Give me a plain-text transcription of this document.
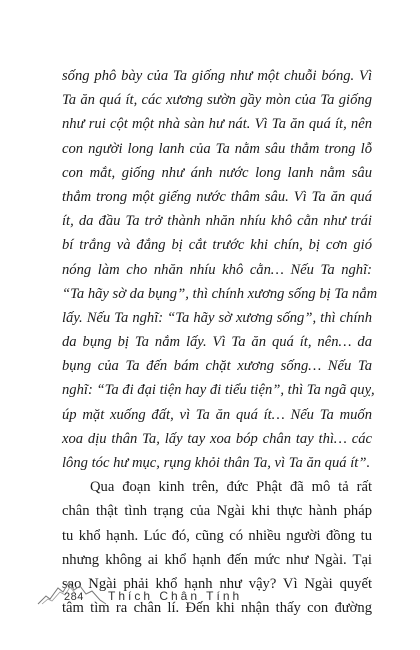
sống phô bày của Ta giống như một chuỗi bóng. Vì
Ta ăn quá ít, các xương sườn gầy mòn của Ta giống
như rui cột một nhà sàn hư nát. Vì Ta ăn quá ít, nên
con người long lanh của Ta nằm sâu thẳm trong lỗ
con mắt, giống như ánh nước long lanh nằm sâu
thẳm trong một giếng nước thâm sâu. Vì Ta ăn quá
ít, da đầu Ta trở thành nhăn nhíu khô cằn như trái
bí trắng và đắng bị cắt trước khi chín, bị cơn gió
nóng làm cho nhăn nhíu khô cằn… Nếu Ta nghĩ:
“Ta hãy sờ da bụng”, thì chính xương sống bị Ta nắm
lấy. Nếu Ta nghĩ: “Ta hãy sờ xương sống”, thì chính
da bụng bị Ta nắm lấy. Vì Ta ăn quá ít, nên… da
bụng của Ta đến bám chặt xương sống… Nếu Ta
nghĩ: “Ta đi đại tiện hay đi tiểu tiện”, thì Ta ngã quỵ,
úp mặt xuống đất, vì Ta ăn quá ít… Nếu Ta muốn
xoa dịu thân Ta, lấy tay xoa bóp chân tay thì… các
lông tóc hư mục, rụng khỏi thân Ta, vì Ta ăn quá ít”.
Qua đoạn kinh trên, đức Phật đã mô tả rất
chân thật tình trạng của Ngài khi thực hành pháp
tu khổ hạnh. Lúc đó, cũng có nhiều người đồng tu
nhưng không ai khổ hạnh đến mức như Ngài. Tại
sao Ngài phải khổ hạnh như vậy? Vì Ngài quyết
tâm tìm ra chân lí. Đến khi nhận thấy con đường
284 Thích Chân Tính
